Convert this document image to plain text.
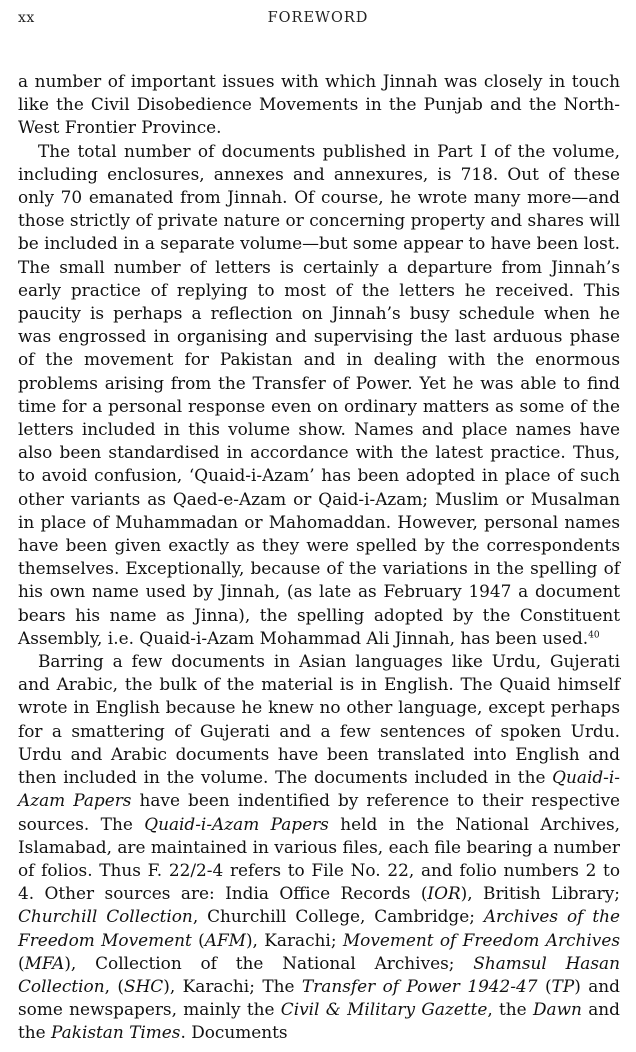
xx	FOREWORD

a number of important issues with which Jinnah was closely in touch like the Civil Disobedience Movements in the Punjab and the North-West Frontier Province.

The total number of documents published in Part I of the volume, including enclosures, annexes and annexures, is 718. Out of these only 70 emanated from Jinnah. Of course, he wrote many more—and those strictly of private nature or concerning property and shares will be included in a separate volume—but some appear to have been lost. The small number of letters is certainly a departure from Jinnah’s early practice of replying to most of the letters he received. This paucity is perhaps a reflection on Jinnah’s busy schedule when he was engrossed in organising and supervising the last arduous phase of the movement for Pakistan and in dealing with the enormous problems arising from the Transfer of Power. Yet he was able to find time for a personal response even on ordinary matters as some of the letters included in this volume show. Names and place names have also been standardised in accordance with the latest practice. Thus, to avoid confusion, ‘Quaid-i-Azam’ has been adopted in place of such other variants as Qaed-e-Azam or Qaid-i-Azam; Muslim or Musalman in place of Muhammadan or Mahomaddan. However, personal names have been given exactly as they were spelled by the correspondents themselves. Exceptionally, because of the variations in the spelling of his own name used by Jinnah, (as late as February 1947 a document bears his name as Jinna), the spelling adopted by the Constituent Assembly, i.e. Quaid-i-Azam Mohammad Ali Jinnah, has been used.$^{40}$

Barring a few documents in Asian languages like Urdu, Gujerati and Arabic, the bulk of the material is in English. The Quaid himself wrote in English because he knew no other language, except perhaps for a smattering of Gujerati and a few sentences of spoken Urdu. Urdu and Arabic documents have been translated into English and then included in the volume. The documents included in the Quaid-i-Azam Papers have been indentified by reference to their respective sources. The Quaid-i-Azam Papers held in the National Archives, Islamabad, are maintained in various files, each file bearing a number of folios. Thus F. 22/2-4 refers to File No. 22, and folio numbers 2 to 4. Other sources are: India Office Records (IOR), British Library; Churchill Collection, Churchill College, Cambridge; Archives of the Freedom Movement (AFM), Karachi; Movement of Freedom Archives (MFA), Collection of the National Archives; Shamsul Hasan Collection, (SHC), Karachi; The Transfer of Power 1942-47 (TP) and some newspapers, mainly the Civil & Military Gazette, the Dawn and the Pakistan Times. Documents
